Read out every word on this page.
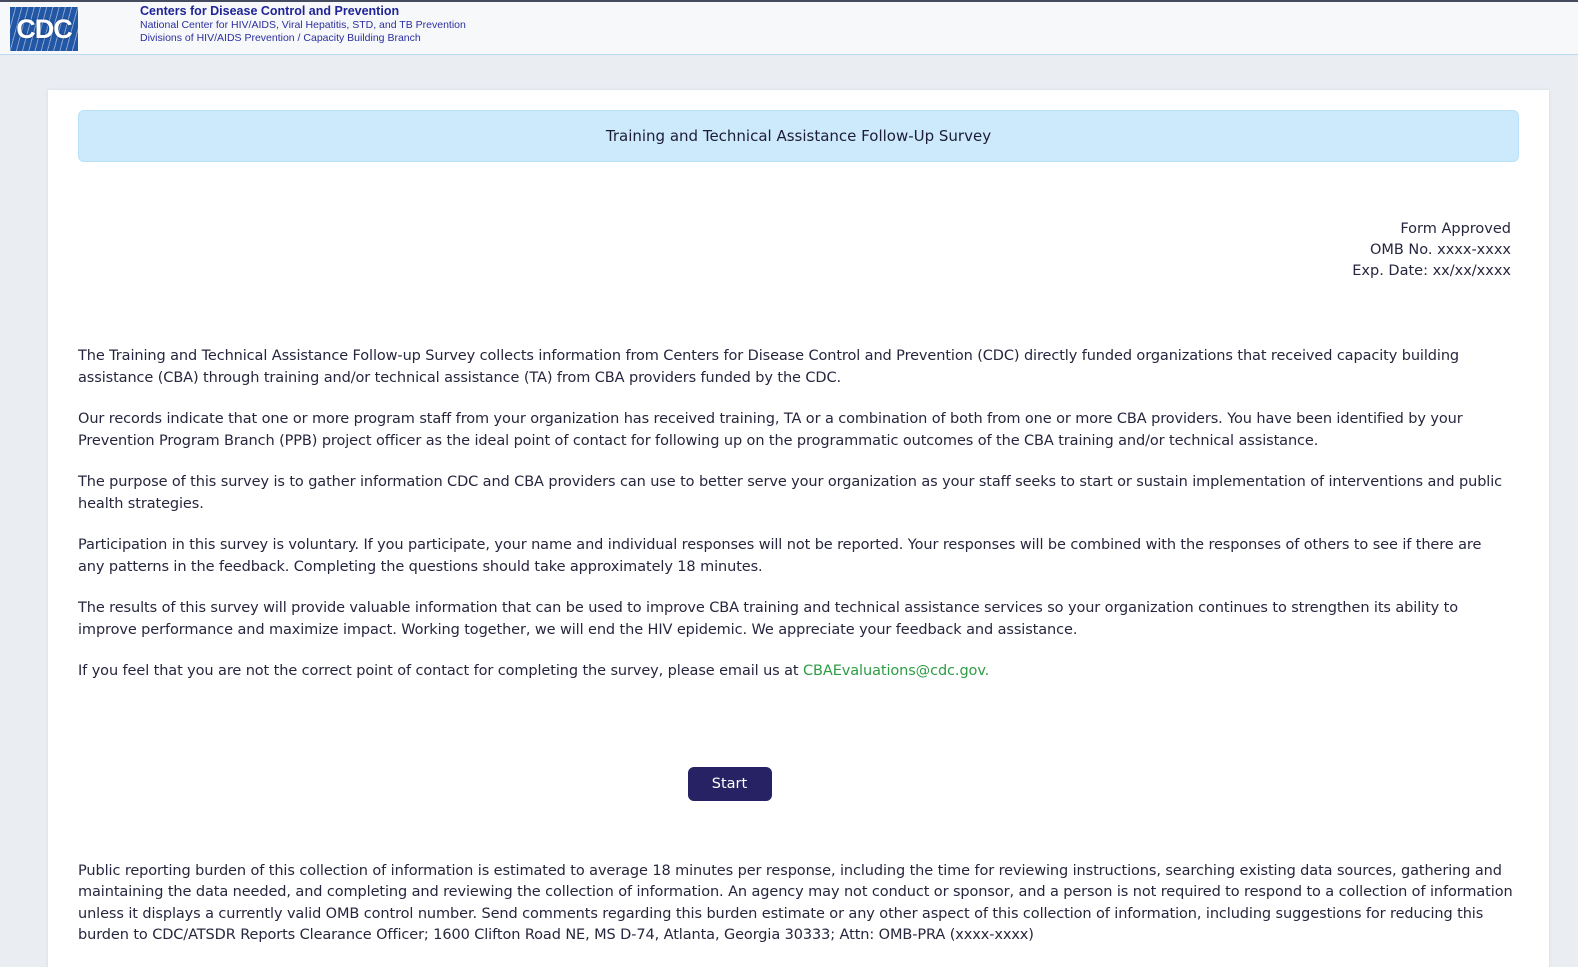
CDC
Centers for Disease Control and Prevention
National Center for HIV/AIDS, Viral Hepatitis, STD, and TB Prevention
Divisions of HIV/AIDS Prevention / Capacity Building Branch
Training and Technical Assistance Follow-Up Survey
Form Approved
OMB No. xxxx-xxxx
Exp. Date: xx/xx/xxxx

The Training and Technical Assistance Follow-up Survey collects information from Centers for Disease Control and Prevention (CDC) directly funded organizations that received capacity building assistance (CBA) through training and/or technical assistance (TA) from CBA providers funded by the CDC.

Our records indicate that one or more program staff from your organization has received training, TA or a combination of both from one or more CBA providers. You have been identified by your Prevention Program Branch (PPB) project officer as the ideal point of contact for following up on the programmatic outcomes of the CBA training and/or technical assistance.

The purpose of this survey is to gather information CDC and CBA providers can use to better serve your organization as your staff seeks to start or sustain implementation of interventions and public health strategies.

Participation in this survey is voluntary. If you participate, your name and individual responses will not be reported. Your responses will be combined with the responses of others to see if there are any patterns in the feedback. Completing the questions should take approximately 18 minutes.

The results of this survey will provide valuable information that can be used to improve CBA training and technical assistance services so your organization continues to strengthen its ability to improve performance and maximize impact. Working together, we will end the HIV epidemic. We appreciate your feedback and assistance.

If you feel that you are not the correct point of contact for completing the survey, please email us at CBAEvaluations@cdc.gov.

Start

Public reporting burden of this collection of information is estimated to average 18 minutes per response, including the time for reviewing instructions, searching existing data sources, gathering and maintaining the data needed, and completing and reviewing the collection of information. An agency may not conduct or sponsor, and a person is not required to respond to a collection of information unless it displays a currently valid OMB control number. Send comments regarding this burden estimate or any other aspect of this collection of information, including suggestions for reducing this burden to CDC/ATSDR Reports Clearance Officer; 1600 Clifton Road NE, MS D-74, Atlanta, Georgia 30333; Attn: OMB-PRA (xxxx-xxxx)
